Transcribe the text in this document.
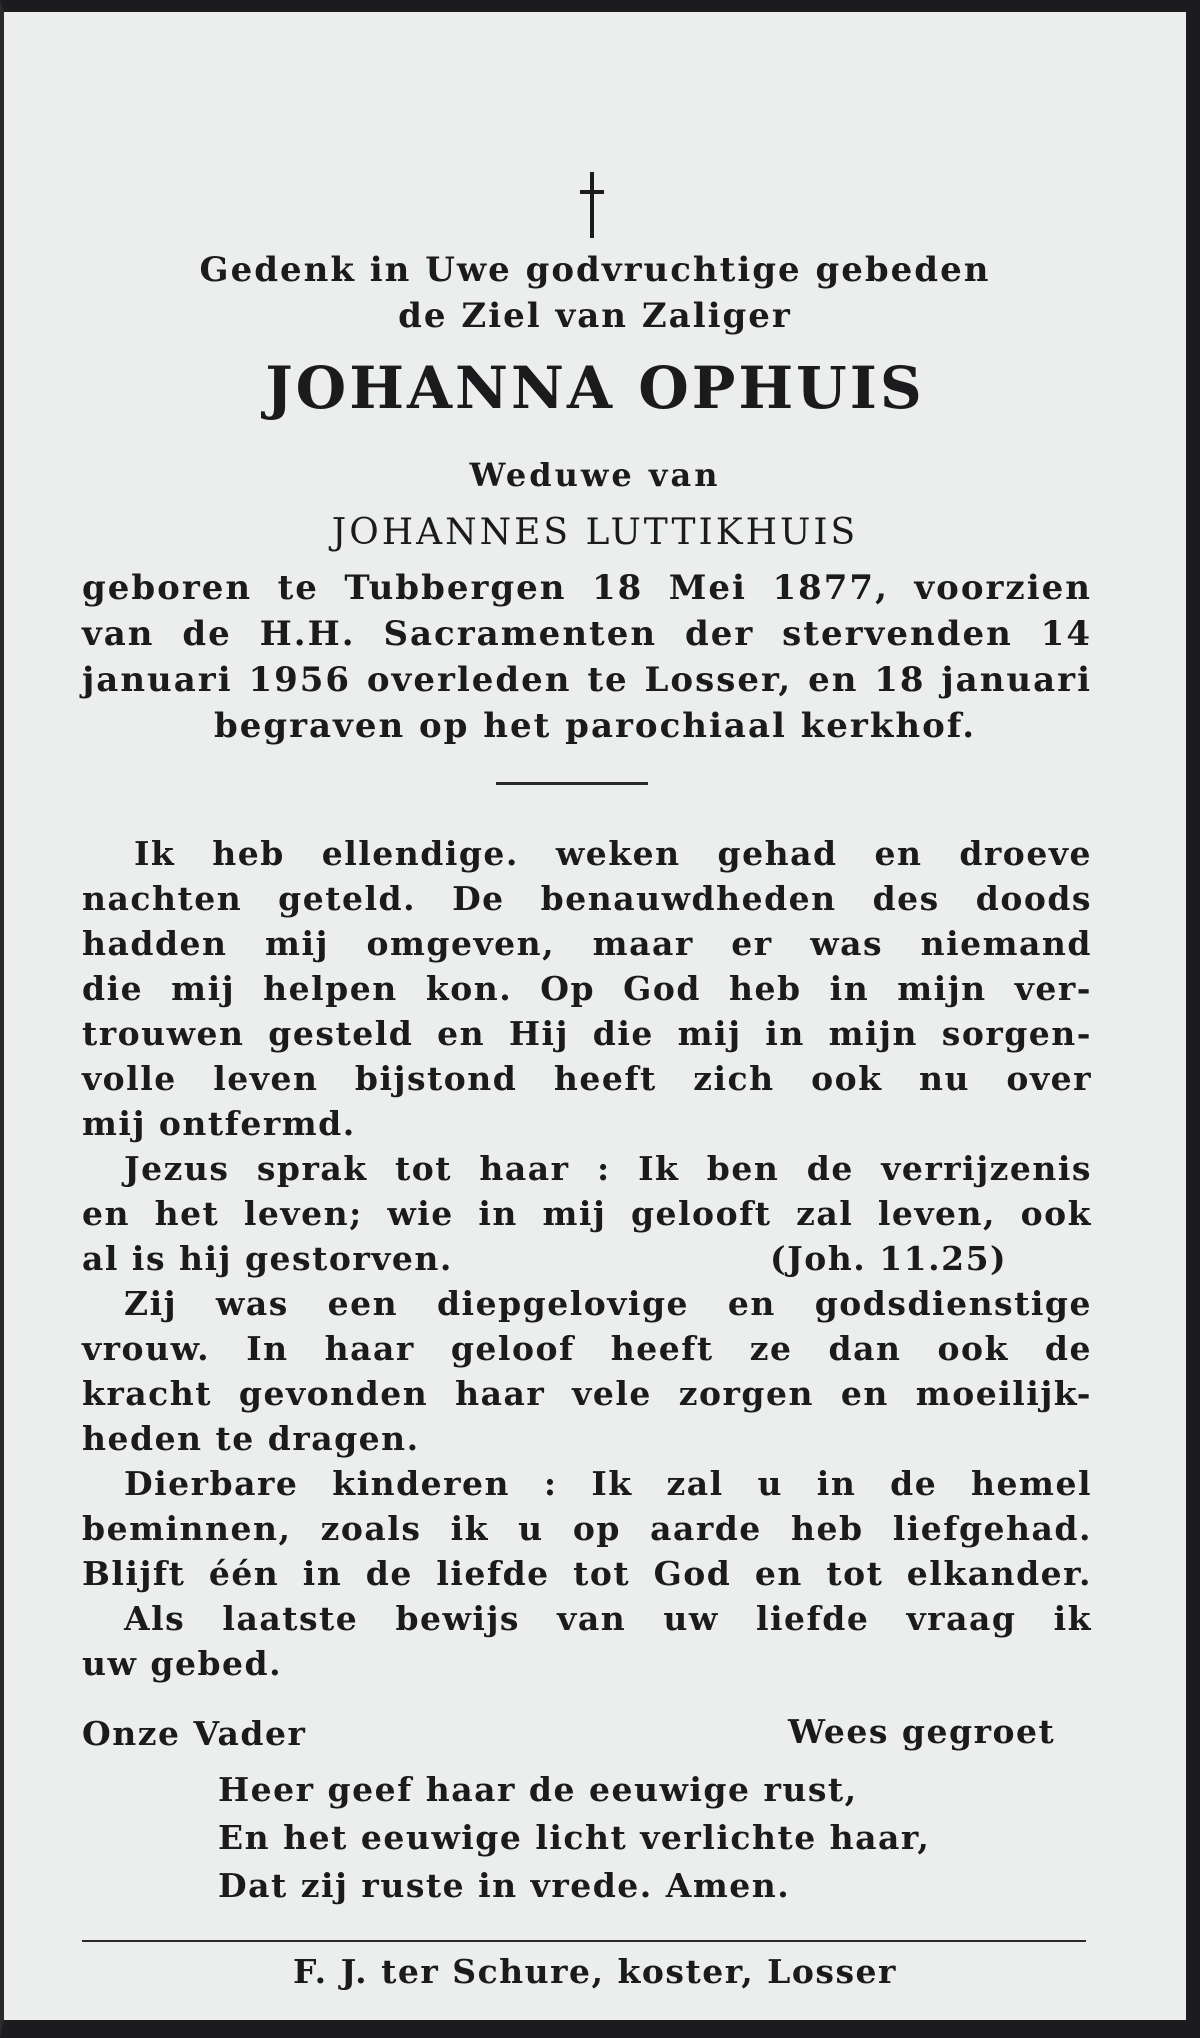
Gedenk in Uwe godvruchtige gebeden
de Ziel van Zaliger
JOHANNA OPHUIS
Weduwe van
JOHANNES LUTTIKHUIS
geboren te Tubbergen 18 Mei 1877, voorzien
van de H.H. Sacramenten der stervenden 14
januari 1956 overleden te Losser, en 18 januari
begraven op het parochiaal kerkhof.
Ik heb ellendige. weken gehad en droeve
nachten geteld. De benauwdheden des doods
hadden mij omgeven, maar er was niemand
die mij helpen kon. Op God heb in mijn ver-
trouwen gesteld en Hij die mij in mijn sorgen-
volle leven bijstond heeft zich ook nu over
mij ontfermd.
Jezus sprak tot haar : Ik ben de verrijzenis
en het leven; wie in mij gelooft zal leven, ook
al is hij gestorven.	(Joh. 11.25)
Zij was een diepgelovige en godsdienstige
vrouw. In haar geloof heeft ze dan ook de
kracht gevonden haar vele zorgen en moeilijk-
heden te dragen.
Dierbare kinderen : Ik zal u in de hemel
beminnen, zoals ik u op aarde heb liefgehad.
Blijft één in de liefde tot God en tot elkander.
Als laatste bewijs van uw liefde vraag ik
uw gebed.
Onze Vader	Wees gegroet
Heer geef haar de eeuwige rust,
En het eeuwige licht verlichte haar,
Dat zij ruste in vrede. Amen.
F. J. ter Schure, koster, Losser
